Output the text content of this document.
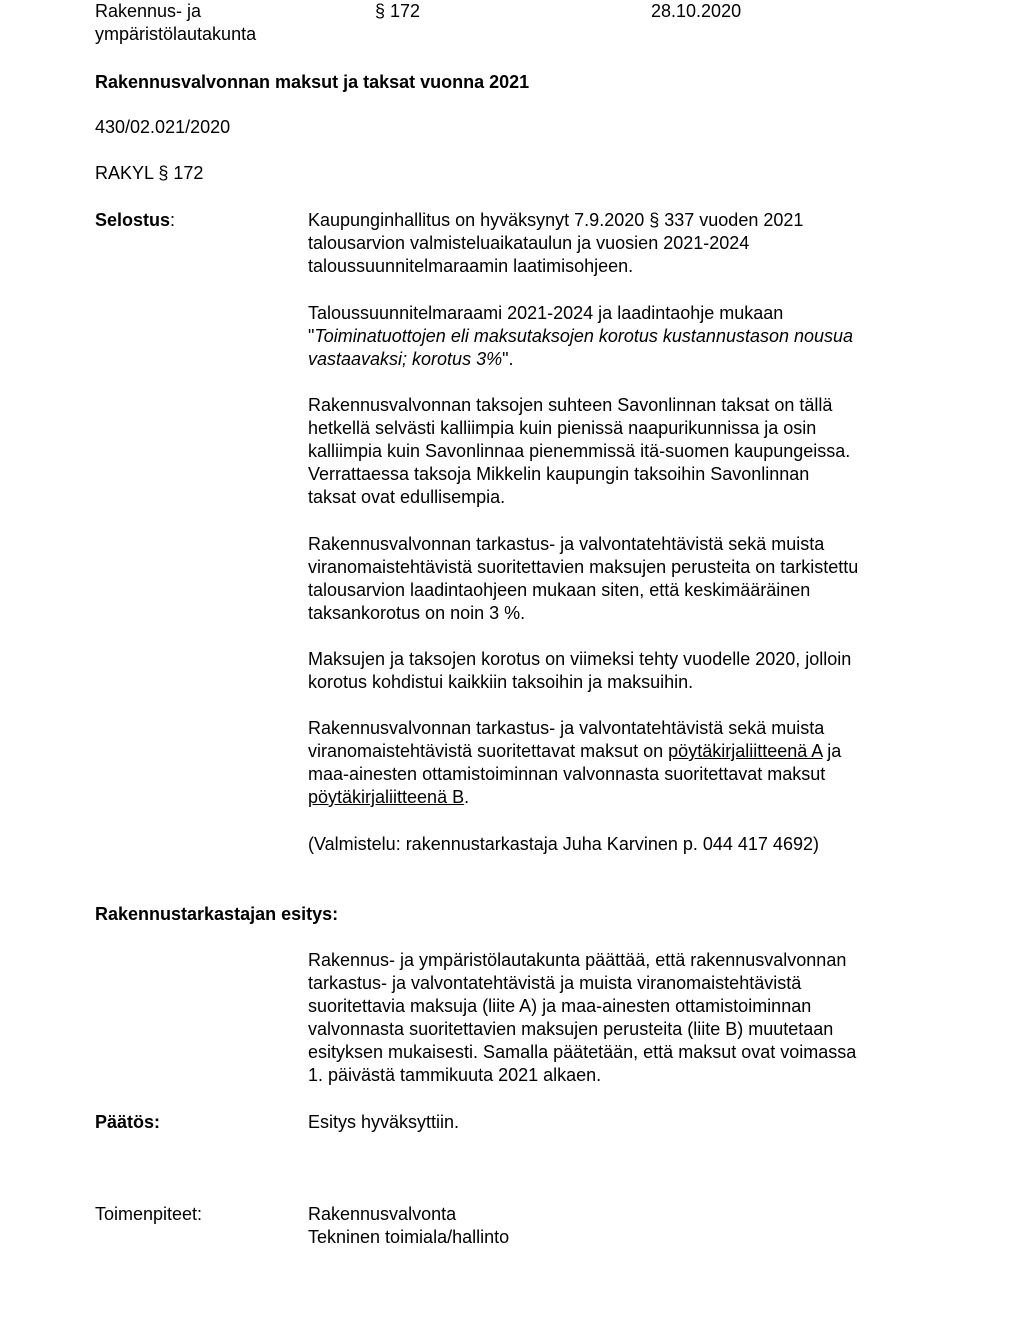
Rakennus- ja
ympäristölautakunta
§ 172	28.10.2020
Rakennusvalvonnan maksut ja taksat vuonna 2021
430/02.021/2020
RAKYL § 172
Selostus:	Kaupunginhallitus on hyväksynyt 7.9.2020 § 337 vuoden 2021

talousarvion valmisteluaikataulun ja vuosien 2021-2024

taloussuunnitelmaraamin laatimisohjeen.

Taloussuunnitelmaraami 2021-2024 ja laadintaohje mukaan

"Toiminatuottojen eli maksutaksojen korotus kustannustason nousua

vastaavaksi; korotus 3%".

Rakennusvalvonnan taksojen suhteen Savonlinnan taksat on tällä

hetkellä selvästi kalliimpia kuin pienissä naapurikunnissa ja osin

kalliimpia kuin Savonlinnaa pienemmissä itä-suomen kaupungeissa.

Verrattaessa taksoja Mikkelin kaupungin taksoihin Savonlinnan

taksat ovat edullisempia.

Rakennusvalvonnan tarkastus- ja valvontatehtävistä sekä muista

viranomaistehtävistä suoritettavien maksujen perusteita on tarkistettu

talousarvion laadintaohjeen mukaan siten, että keskimääräinen

taksankorotus on noin 3 %.

Maksujen ja taksojen korotus on viimeksi tehty vuodelle 2020, jolloin

korotus kohdistui kaikkiin taksoihin ja maksuihin.

Rakennusvalvonnan tarkastus- ja valvontatehtävistä sekä muista

viranomaistehtävistä suoritettavat maksut on pöytäkirjaliitteenä A ja

maa-ainesten ottamistoiminnan valvonnasta suoritettavat maksut

pöytäkirjaliitteenä B.

(Valmistelu: rakennustarkastaja Juha Karvinen p. 044 417 4692)
Rakennustarkastajan esitys:

Rakennus- ja ympäristölautakunta päättää, että rakennusvalvonnan

tarkastus- ja valvontatehtävistä ja muista viranomaistehtävistä

suoritettavia maksuja (liite A) ja maa-ainesten ottamistoiminnan

valvonnasta suoritettavien maksujen perusteita (liite B) muutetaan

esityksen mukaisesti. Samalla päätetään, että maksut ovat voimassa

1. päivästä tammikuuta 2021 alkaen.

Päätös:	Esitys hyväksyttiin.
Toimenpiteet:	Rakennusvalvonta

Tekninen toimiala/hallinto
